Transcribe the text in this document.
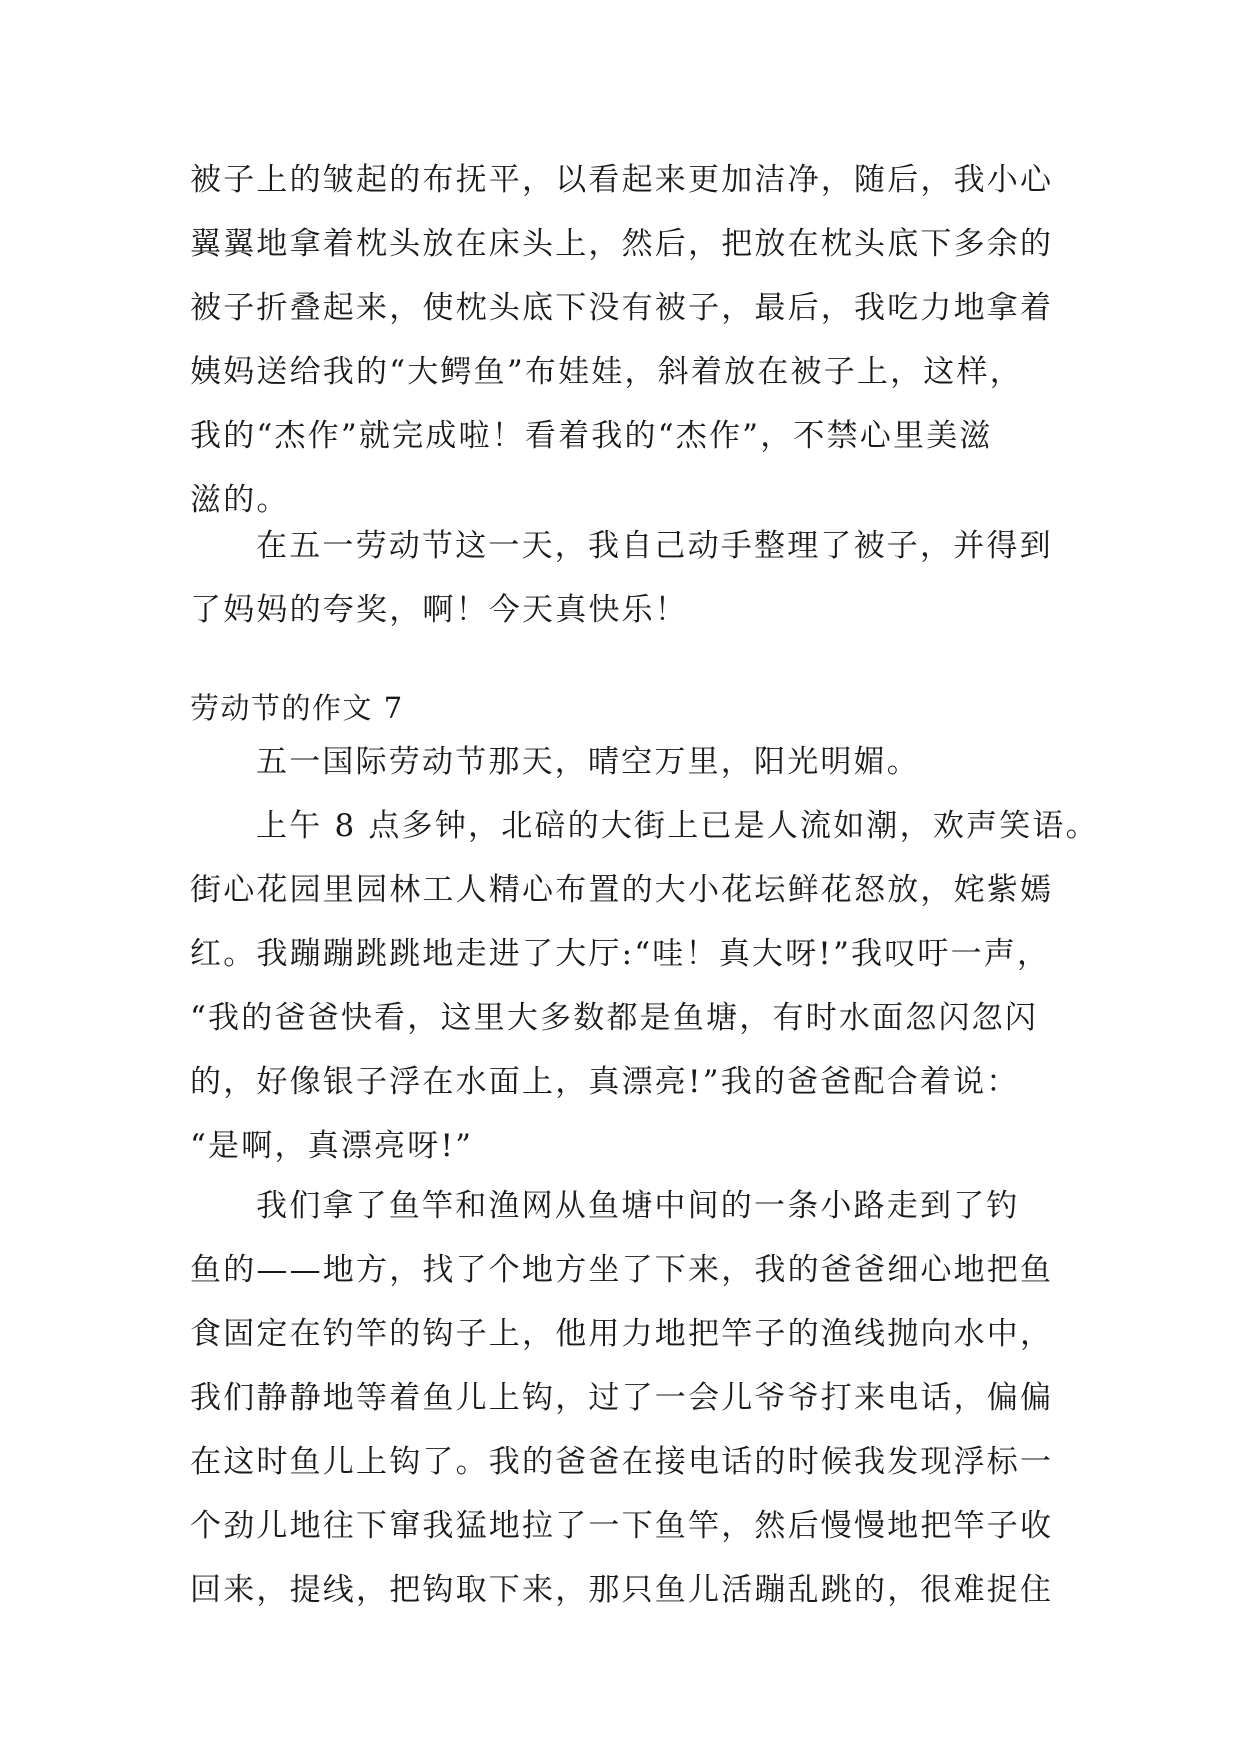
被子上的皱起的布抚平，以看起来更加洁净，随后，我小心
翼翼地拿着枕头放在床头上，然后，把放在枕头底下多余的
被子折叠起来，使枕头底下没有被子，最后，我吃力地拿着
姨妈送给我的“大鳄鱼”布娃娃，斜着放在被子上，这样，
我的“杰作”就完成啦！看着我的“杰作”，不禁心里美滋
滋的。
在五一劳动节这一天，我自己动手整理了被子，并得到
了妈妈的夸奖，啊！今天真快乐！
劳动节的作文 7
五一国际劳动节那天，晴空万里，阳光明媚。
上午 8 点多钟，北碚的大街上已是人流如潮，欢声笑语。
街心花园里园林工人精心布置的大小花坛鲜花怒放，姹紫嫣
红。我蹦蹦跳跳地走进了大厅:“哇！真大呀!”我叹吁一声，
“我的爸爸快看，这里大多数都是鱼塘，有时水面忽闪忽闪
的，好像银子浮在水面上，真漂亮!”我的爸爸配合着说：
“是啊，真漂亮呀!”
我们拿了鱼竿和渔网从鱼塘中间的一条小路走到了钓
鱼的——地方，找了个地方坐了下来，我的爸爸细心地把鱼
食固定在钓竿的钩子上，他用力地把竿子的渔线抛向水中，
我们静静地等着鱼儿上钩，过了一会儿爷爷打来电话，偏偏
在这时鱼儿上钩了。我的爸爸在接电话的时候我发现浮标一
个劲儿地往下窜我猛地拉了一下鱼竿，然后慢慢地把竿子收
回来，提线，把钩取下来，那只鱼儿活蹦乱跳的，很难捉住
